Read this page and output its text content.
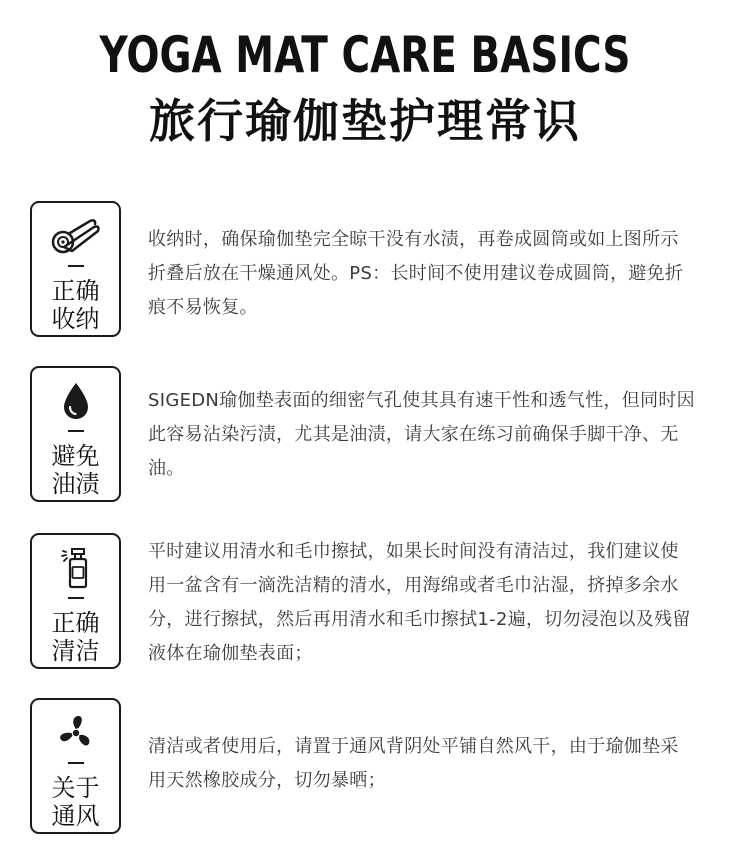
YOGA MAT CARE BASICS
旅行瑜伽垫护理常识
正确
收纳

收纳时，确保瑜伽垫完全晾干没有水渍，再卷成圆筒或如上图所示折叠后放在干燥通风处。PS：长时间不使用建议卷成圆筒，避免折痕不易恢复。

避免
油渍

SIGEDN瑜伽垫表面的细密气孔使其具有速干性和透气性，但同时因此容易沾染污渍，尤其是油渍，请大家在练习前确保手脚干净、无油。

正确
清洁

平时建议用清水和毛巾擦拭，如果长时间没有清洁过，我们建议使用一盆含有一滴洗洁精的清水，用海绵或者毛巾沾湿，挤掉多余水分，进行擦拭，然后再用清水和毛巾擦拭1-2遍，切勿浸泡以及残留液体在瑜伽垫表面；

关于
通风

清洁或者使用后，请置于通风背阴处平铺自然风干，由于瑜伽垫采用天然橡胶成分，切勿暴晒；
